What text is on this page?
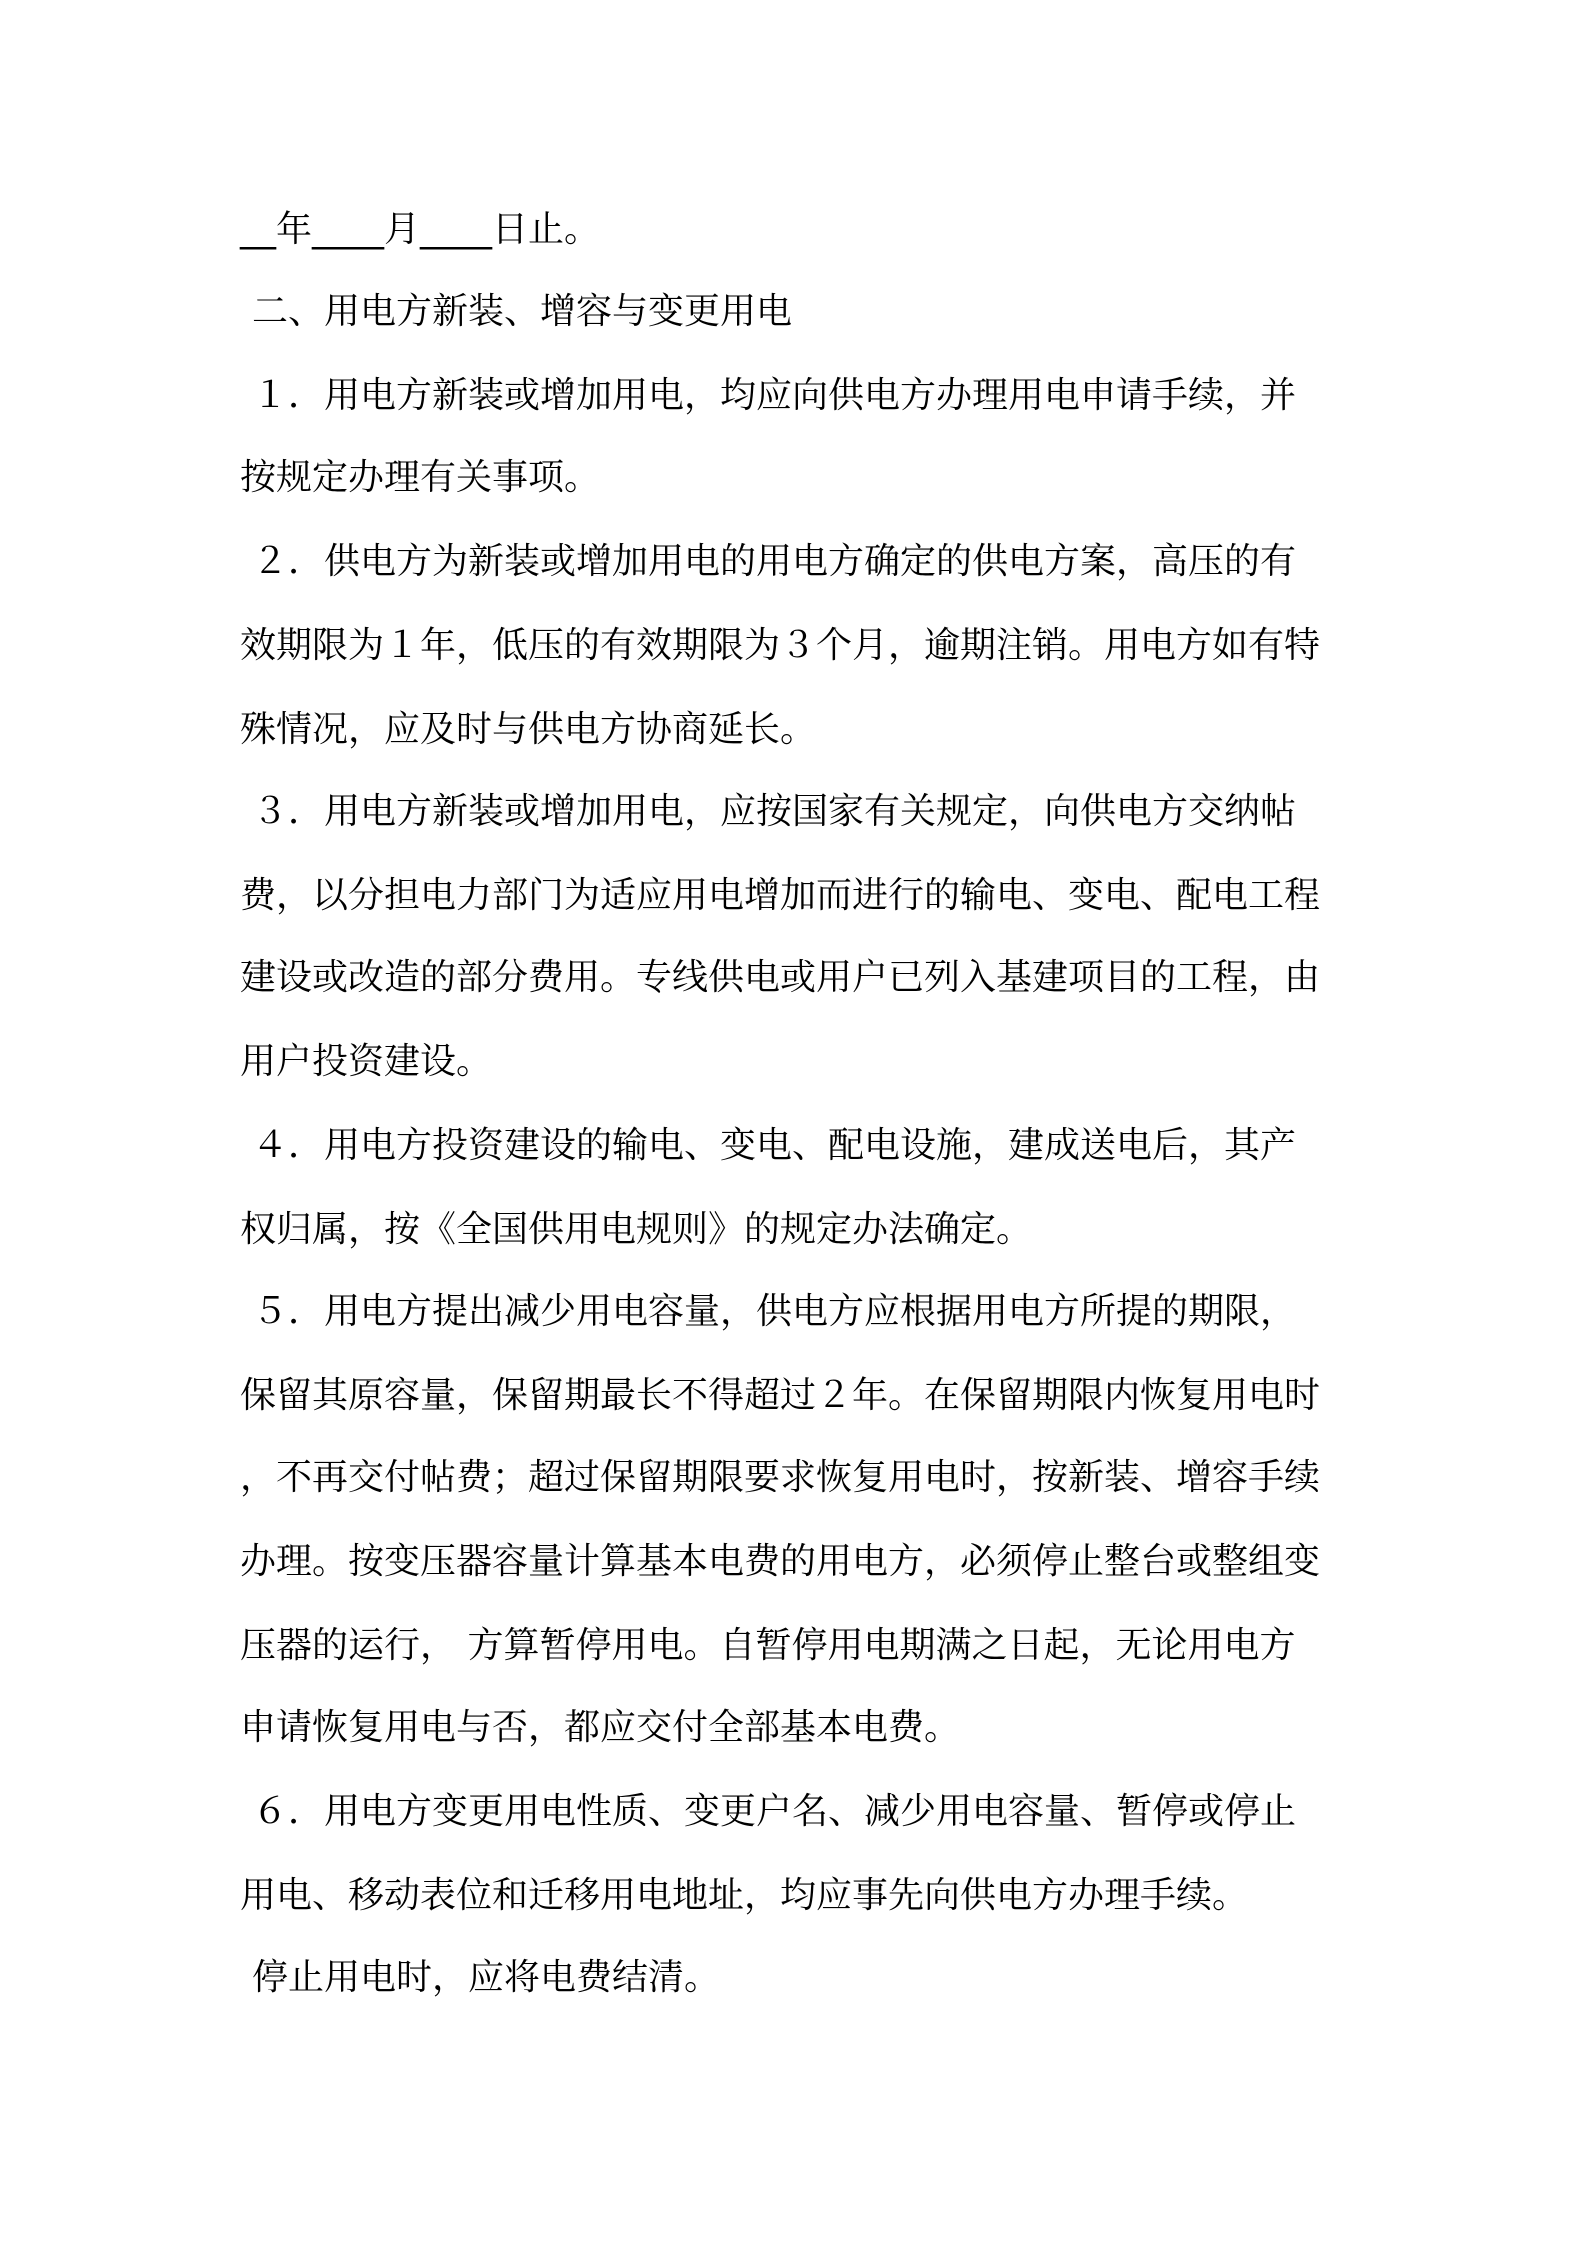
__年____月____日止。
二、用电方新装、增容与变更用电
１．用电方新装或增加用电，均应向供电方办理用电申请手续，并
按规定办理有关事项。
２．供电方为新装或增加用电的用电方确定的供电方案，高压的有
效期限为１年，低压的有效期限为３个月，逾期注销。用电方如有特
殊情况，应及时与供电方协商延长。
３．用电方新装或增加用电，应按国家有关规定，向供电方交纳帖
费，以分担电力部门为适应用电增加而进行的输电、变电、配电工程
建设或改造的部分费用。专线供电或用户已列入基建项目的工程，由
用户投资建设。
４．用电方投资建设的输电、变电、配电设施，建成送电后，其产
权归属，按《全国供用电规则》的规定办法确定。
５．用电方提出减少用电容量，供电方应根据用电方所提的期限，
保留其原容量，保留期最长不得超过２年。在保留期限内恢复用电时
，不再交付帖费；超过保留期限要求恢复用电时，按新装、增容手续
办理。按变压器容量计算基本电费的用电方，必须停止整台或整组变
压器的运行， 方算暂停用电。自暂停用电期满之日起，无论用电方
申请恢复用电与否，都应交付全部基本电费。
６．用电方变更用电性质、变更户名、减少用电容量、暂停或停止
用电、移动表位和迁移用电地址，均应事先向供电方办理手续。
停止用电时，应将电费结清。
